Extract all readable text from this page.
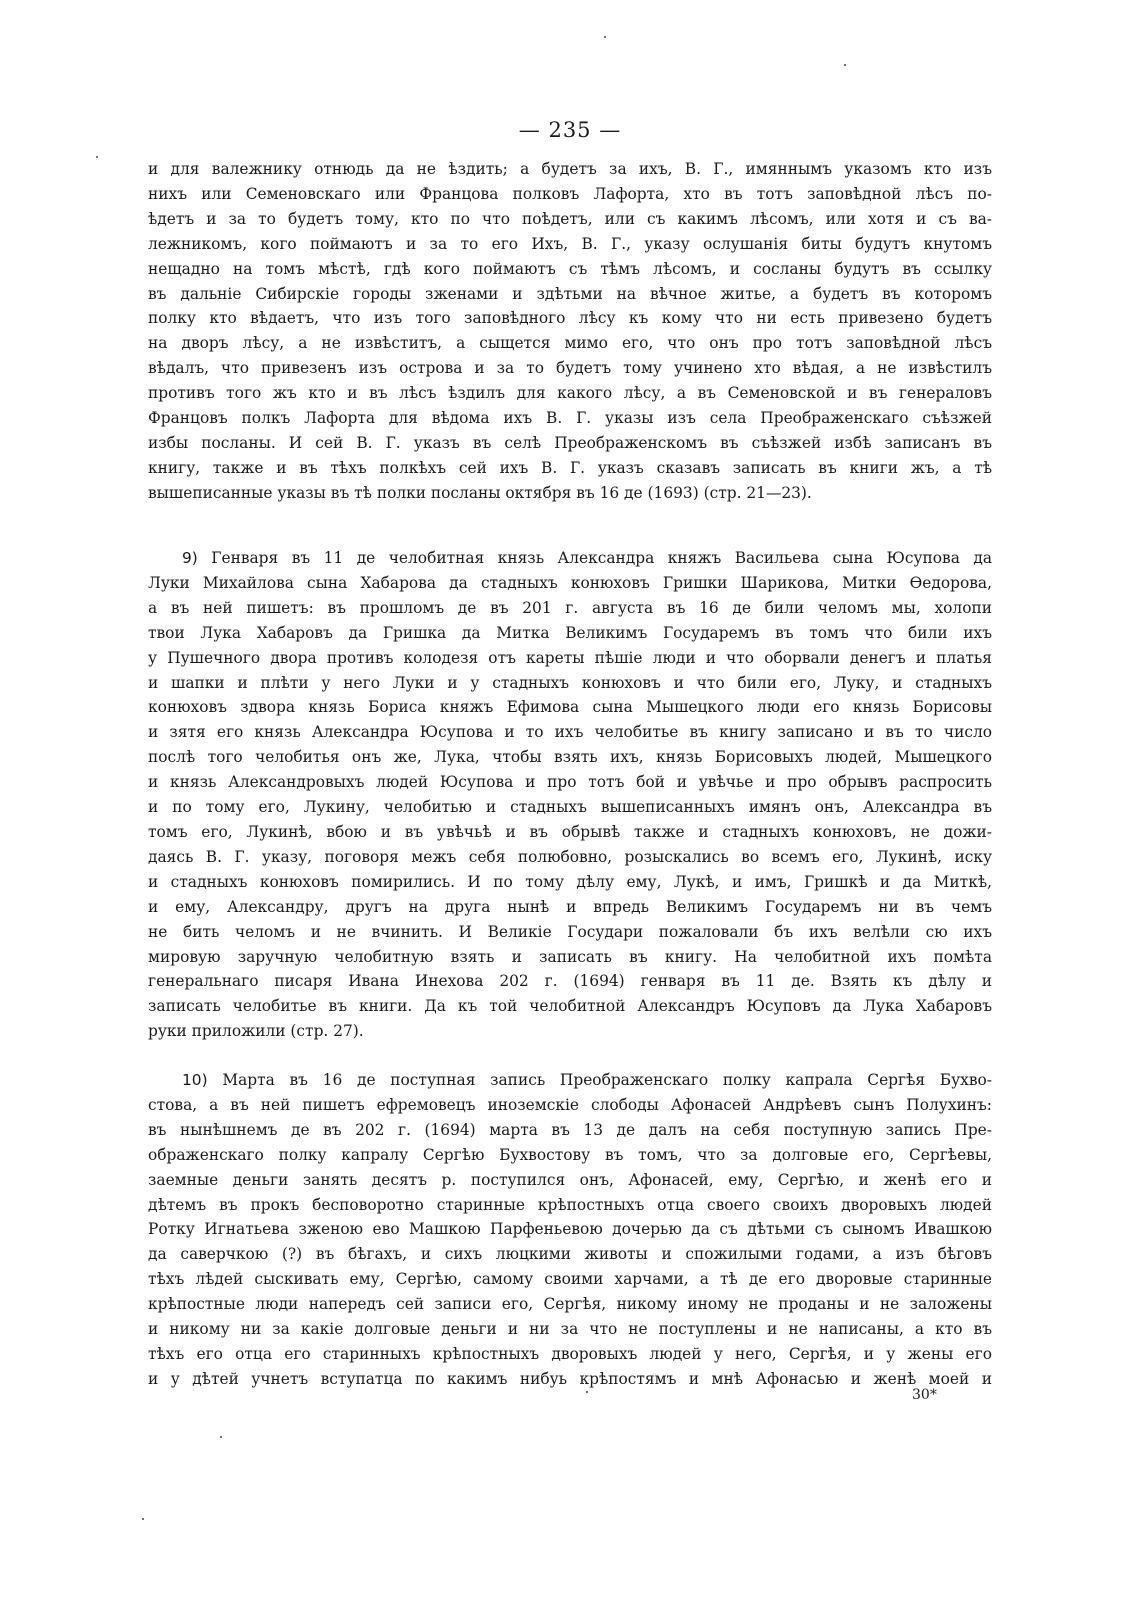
— 235 —
и для валежнику отнюдь да не ѣздить; а будетъ за ихъ, В. Г., имяннымъ указомъ кто изъ
нихъ или Семеновскаго или Францова полковъ Лафорта, хто въ тотъ заповѣдной лѣсъ по-
ѣдетъ и за то будетъ тому, кто по что поѣдетъ, или съ какимъ лѣсомъ, или хотя и съ ва-
лежникомъ, кого поймаютъ и за то его Ихъ, В. Г., указу ослушанія биты будутъ кнутомъ
нещадно на томъ мѣстѣ, гдѣ кого поймаютъ съ тѣмъ лѣсомъ, и сосланы будутъ въ ссылку
въ дальніе Сибирскіе городы зженами и здѣтьми на вѣчное житье, а будетъ въ которомъ
полку кто вѣдаетъ, что изъ того заповѣдного лѣсу къ кому что ни есть привезено будетъ
на дворъ лѣсу, а не извѣститъ, а сыщется мимо его, что онъ про тотъ заповѣдной лѣсъ
вѣдалъ, что привезенъ изъ острова и за то будетъ тому учинено хто вѣдая, а не извѣстилъ
противъ того жъ кто и въ лѣсъ ѣздилъ для какого лѣсу, а въ Семеновской и въ генераловъ
Францовъ полкъ Лафорта для вѣдома ихъ В. Г. указы изъ села Преображенскаго съѣзжей
избы посланы. И сей В. Г. указъ въ селѣ Преображенскомъ въ съѣзжей избѣ записанъ въ
книгу, также и въ тѣхъ полкѣхъ сей ихъ В. Г. указъ сказавъ записать въ книги жъ, а тѣ
вышеписанные указы въ тѣ полки посланы октября въ 16 де (1693) (стр. 21—23).
9) Генваря въ 11 де челобитная князь Александра княжъ Васильева сына Юсупова да
Луки Михайлова сына Хабарова да стадныхъ конюховъ Гришки Шарикова, Митки Ѳедорова,
а въ ней пишетъ: въ прошломъ де въ 201 г. августа въ 16 де били челомъ мы, холопи
твои Лука Хабаровъ да Гришка да Митка Великимъ Государемъ въ томъ что били ихъ
у Пушечного двора противъ колодезя отъ кареты пѣшіе люди и что оборвали денегъ и платья
и шапки и плѣти у него Луки и у стадныхъ конюховъ и что били его, Луку, и стадныхъ
конюховъ здвора князь Бориса княжъ Ефимова сына Мышецкого люди его князь Борисовы
и зятя его князь Александра Юсупова и то ихъ челобитье въ книгу записано и въ то число
послѣ того челобитья онъ же, Лука, чтобы взять ихъ, князь Борисовыхъ людей, Мышецкого
и князь Александровыхъ людей Юсупова и про тотъ бой и увѣчье и про обрывъ распросить
и по тому его, Лукину, челобитью и стадныхъ вышеписанныхъ имянъ онъ, Александра въ
томъ его, Лукинѣ, вбою и въ увѣчьѣ и въ обрывѣ также и стадныхъ конюховъ, не дожи-
даясь В. Г. указу, поговоря межъ себя полюбовно, розыскались во всемъ его, Лукинѣ, иску
и стадныхъ конюховъ помирились. И по тому дѣлу ему, Лукѣ, и имъ, Гришкѣ и да Миткѣ,
и ему, Александру, другъ на друга нынѣ и впредь Великимъ Государемъ ни въ чемъ
не бить челомъ и не вчинить. И Великіе Государи пожаловали бъ ихъ велѣли сю ихъ
мировую заручную челобитную взять и записать въ книгу. На челобитной ихъ помѣта
генеральнаго писаря Ивана Инехова 202 г. (1694) генваря въ 11 де. Взять къ дѣлу и
записать челобитье въ книги. Да къ той челобитной Александръ Юсуповъ да Лука Хабаровъ
руки приложили (стр. 27).
10) Марта въ 16 де поступная запись Преображенскаго полку капрала Сергѣя Бухво-
стова, а въ ней пишетъ ефремовецъ иноземскіе слободы Афонасей Андрѣевъ сынъ Полухинъ:
въ нынѣшнемъ де въ 202 г. (1694) марта въ 13 де далъ на себя поступную запись Пре-
ображенскаго полку капралу Сергѣю Бухвостову въ томъ, что за долговые его, Сергѣевы,
заемные деньги занять десятъ р. поступился онъ, Афонасей, ему, Сергѣю, и женѣ его и
дѣтемъ въ прокъ бесповоротно старинные крѣпостныхъ отца своего своихъ дворовыхъ людей
Ротку Игнатьева зженою ево Машкою Парфеньевою дочерью да съ дѣтьми съ сыномъ Ивашкою
да саверчкою (?) въ бѣгахъ, и сихъ люцкими животы и спожилыми годами, а изъ бѣговъ
тѣхъ лѣдей сыскивать ему, Сергѣю, самому своими харчами, а тѣ де его дворовые старинные
крѣпостные люди напередъ сей записи его, Сергѣя, никому иному не проданы и не заложены
и никому ни за какіе долговые деньги и ни за что не поступлены и не написаны, а кто въ
тѣхъ его отца его старинныхъ крѣпостныхъ дворовыхъ людей у него, Сергѣя, и у жены его
и у дѣтей учнетъ вступатца по какимъ нибуь крѣпостямъ и мнѣ Афонасью и женѣ моей и
30*
